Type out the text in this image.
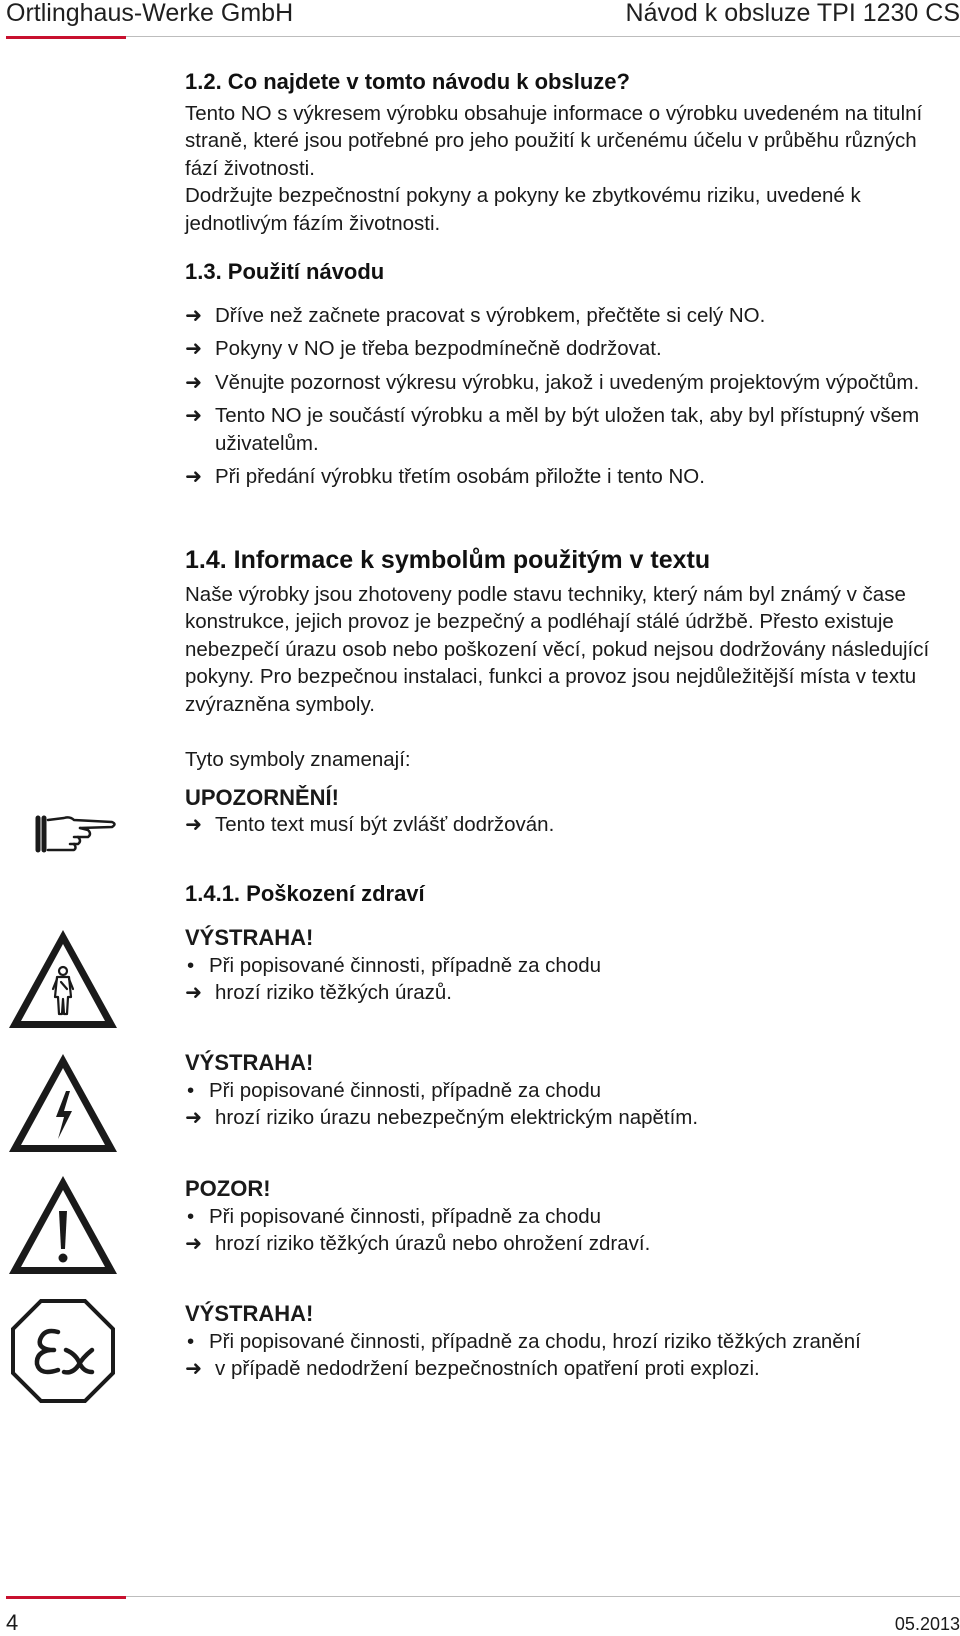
Ortlinghaus-Werke GmbH	Návod k obsluze TPI 1230 CS

1.2. Co najdete v tomto návodu k obsluze?

Tento NO s výkresem výrobku obsahuje informace o výrobku uvedeném na titulní straně, které jsou potřebné pro jeho použití k určenému účelu v průběhu různých fází životnosti.

Dodržujte bezpečnostní pokyny a pokyny ke zbytkovému riziku, uvedené k jednotlivým fázím životnosti.

1.3. Použití návodu

➜ Dříve než začnete pracovat s výrobkem, přečtěte si celý NO.
➜ Pokyny v NO je třeba bezpodmínečně dodržovat.
➜ Věnujte pozornost výkresu výrobku, jakož i uvedeným projektovým výpočtům.
➜ Tento NO je součástí výrobku a měl by být uložen tak, aby byl přístupný všem uživatelům.
➜ Při předání výrobku třetím osobám přiložte i tento NO.

1.4. Informace k symbolům použitým v textu

Naše výrobky jsou zhotoveny podle stavu techniky, který nám byl známý v čase konstrukce, jejich provoz je bezpečný a podléhají stálé údržbě. Přesto existuje nebezpečí úrazu osob nebo poškození věcí, pokud nejsou dodržovány následující pokyny. Pro bezpečnou instalaci, funkci a provoz jsou nejdůležitější místa v textu zvýrazněna symboly.

Tyto symboly znamenají:

UPOZORNĚNÍ!

➜ Tento text musí být zvlášť dodržován.

1.4.1. Poškození zdraví

VÝSTRAHA!

• Při popisované činnosti, případně za chodu
➜ hrozí riziko těžkých úrazů.

VÝSTRAHA!

• Při popisované činnosti, případně za chodu
➜ hrozí riziko úrazu nebezpečným elektrickým napětím.

POZOR!

• Při popisované činnosti, případně za chodu
➜ hrozí riziko těžkých úrazů nebo ohrožení zdraví.

VÝSTRAHA!

• Při popisované činnosti, případně za chodu, hrozí riziko těžkých zranění
➜ v případě nedodržení bezpečnostních opatření proti explozi.
4	05.2013
